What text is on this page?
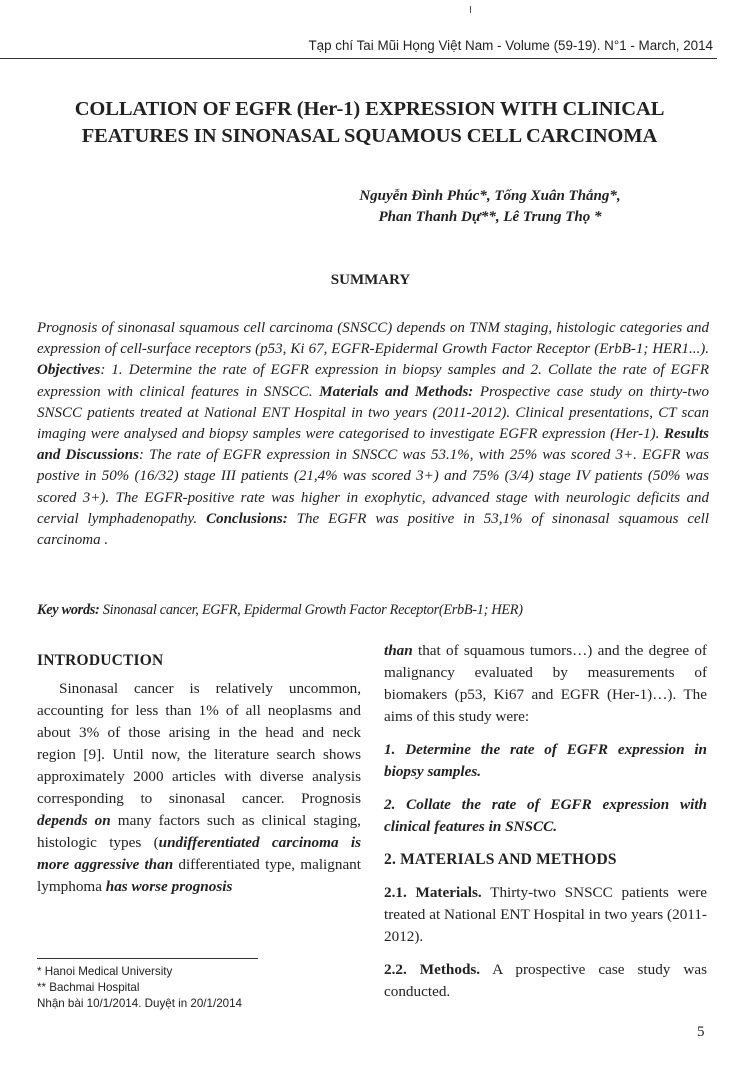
Tạp chí Tai Mũi Họng Việt Nam - Volume (59-19). N°1 - March, 2014
COLLATION OF EGFR (Her-1) EXPRESSION WITH CLINICAL
FEATURES IN SINONASAL SQUAMOUS CELL CARCINOMA
Nguyễn Đình Phúc*, Tống Xuân Thắng*,
Phan Thanh Dự**, Lê Trung Thọ *
SUMMARY
Prognosis of sinonasal squamous cell carcinoma (SNSCC) depends on TNM staging, histologic categories and expression of cell-surface receptors (p53, Ki 67, EGFR-Epidermal Growth Factor Receptor (ErbB-1; HER1...). Objectives: 1. Determine the rate of EGFR expression in biopsy samples and 2. Collate the rate of EGFR expression with clinical features in SNSCC. Materials and Methods: Prospective case study on thirty-two SNSCC patients treated at National ENT Hospital in two years (2011-2012). Clinical presentations, CT scan imaging were analysed and biopsy samples were categorised to investigate EGFR expression (Her-1). Results and Discussions: The rate of EGFR expression in SNSCC was 53.1%, with 25% was scored 3+. EGFR was postive in 50% (16/32) stage III patients (21,4% was scored 3+) and 75% (3/4) stage IV patients (50% was scored 3+). The EGFR-positive rate was higher in exophytic, advanced stage with neurologic deficits and cervial lymphadenopathy. Conclusions: The EGFR was positive in 53,1% of sinonasal squamous cell carcinoma .
Key words: Sinonasal cancer, EGFR, Epidermal Growth Factor Receptor(ErbB-1; HER)
INTRODUCTION

Sinonasal cancer is relatively uncommon, accounting for less than 1% of all neoplasms and about 3% of those arising in the head and neck region [9]. Until now, the literature search shows approximately 2000 articles with diverse analysis corresponding to sinonasal cancer. Prognosis depends on many factors such as clinical staging, histologic types (undifferentiated carcinoma is more aggressive than differentiated type, malignant lymphoma has worse prognosis

than that of squamous tumors…) and the degree of malignancy evaluated by measurements of biomakers (p53, Ki67 and EGFR (Her-1)…). The aims of this study were:

1. Determine the rate of EGFR expression in biopsy samples.

2. Collate the rate of EGFR expression with clinical features in SNSCC.

2. MATERIALS AND METHODS

2.1. Materials. Thirty-two SNSCC patients were treated at National ENT Hospital in two years (2011-2012).

2.2. Methods. A prospective case study was conducted.

* Hanoi Medical University
** Bachmai Hospital
Nhận bài 10/1/2014. Duyệt in 20/1/2014
5
